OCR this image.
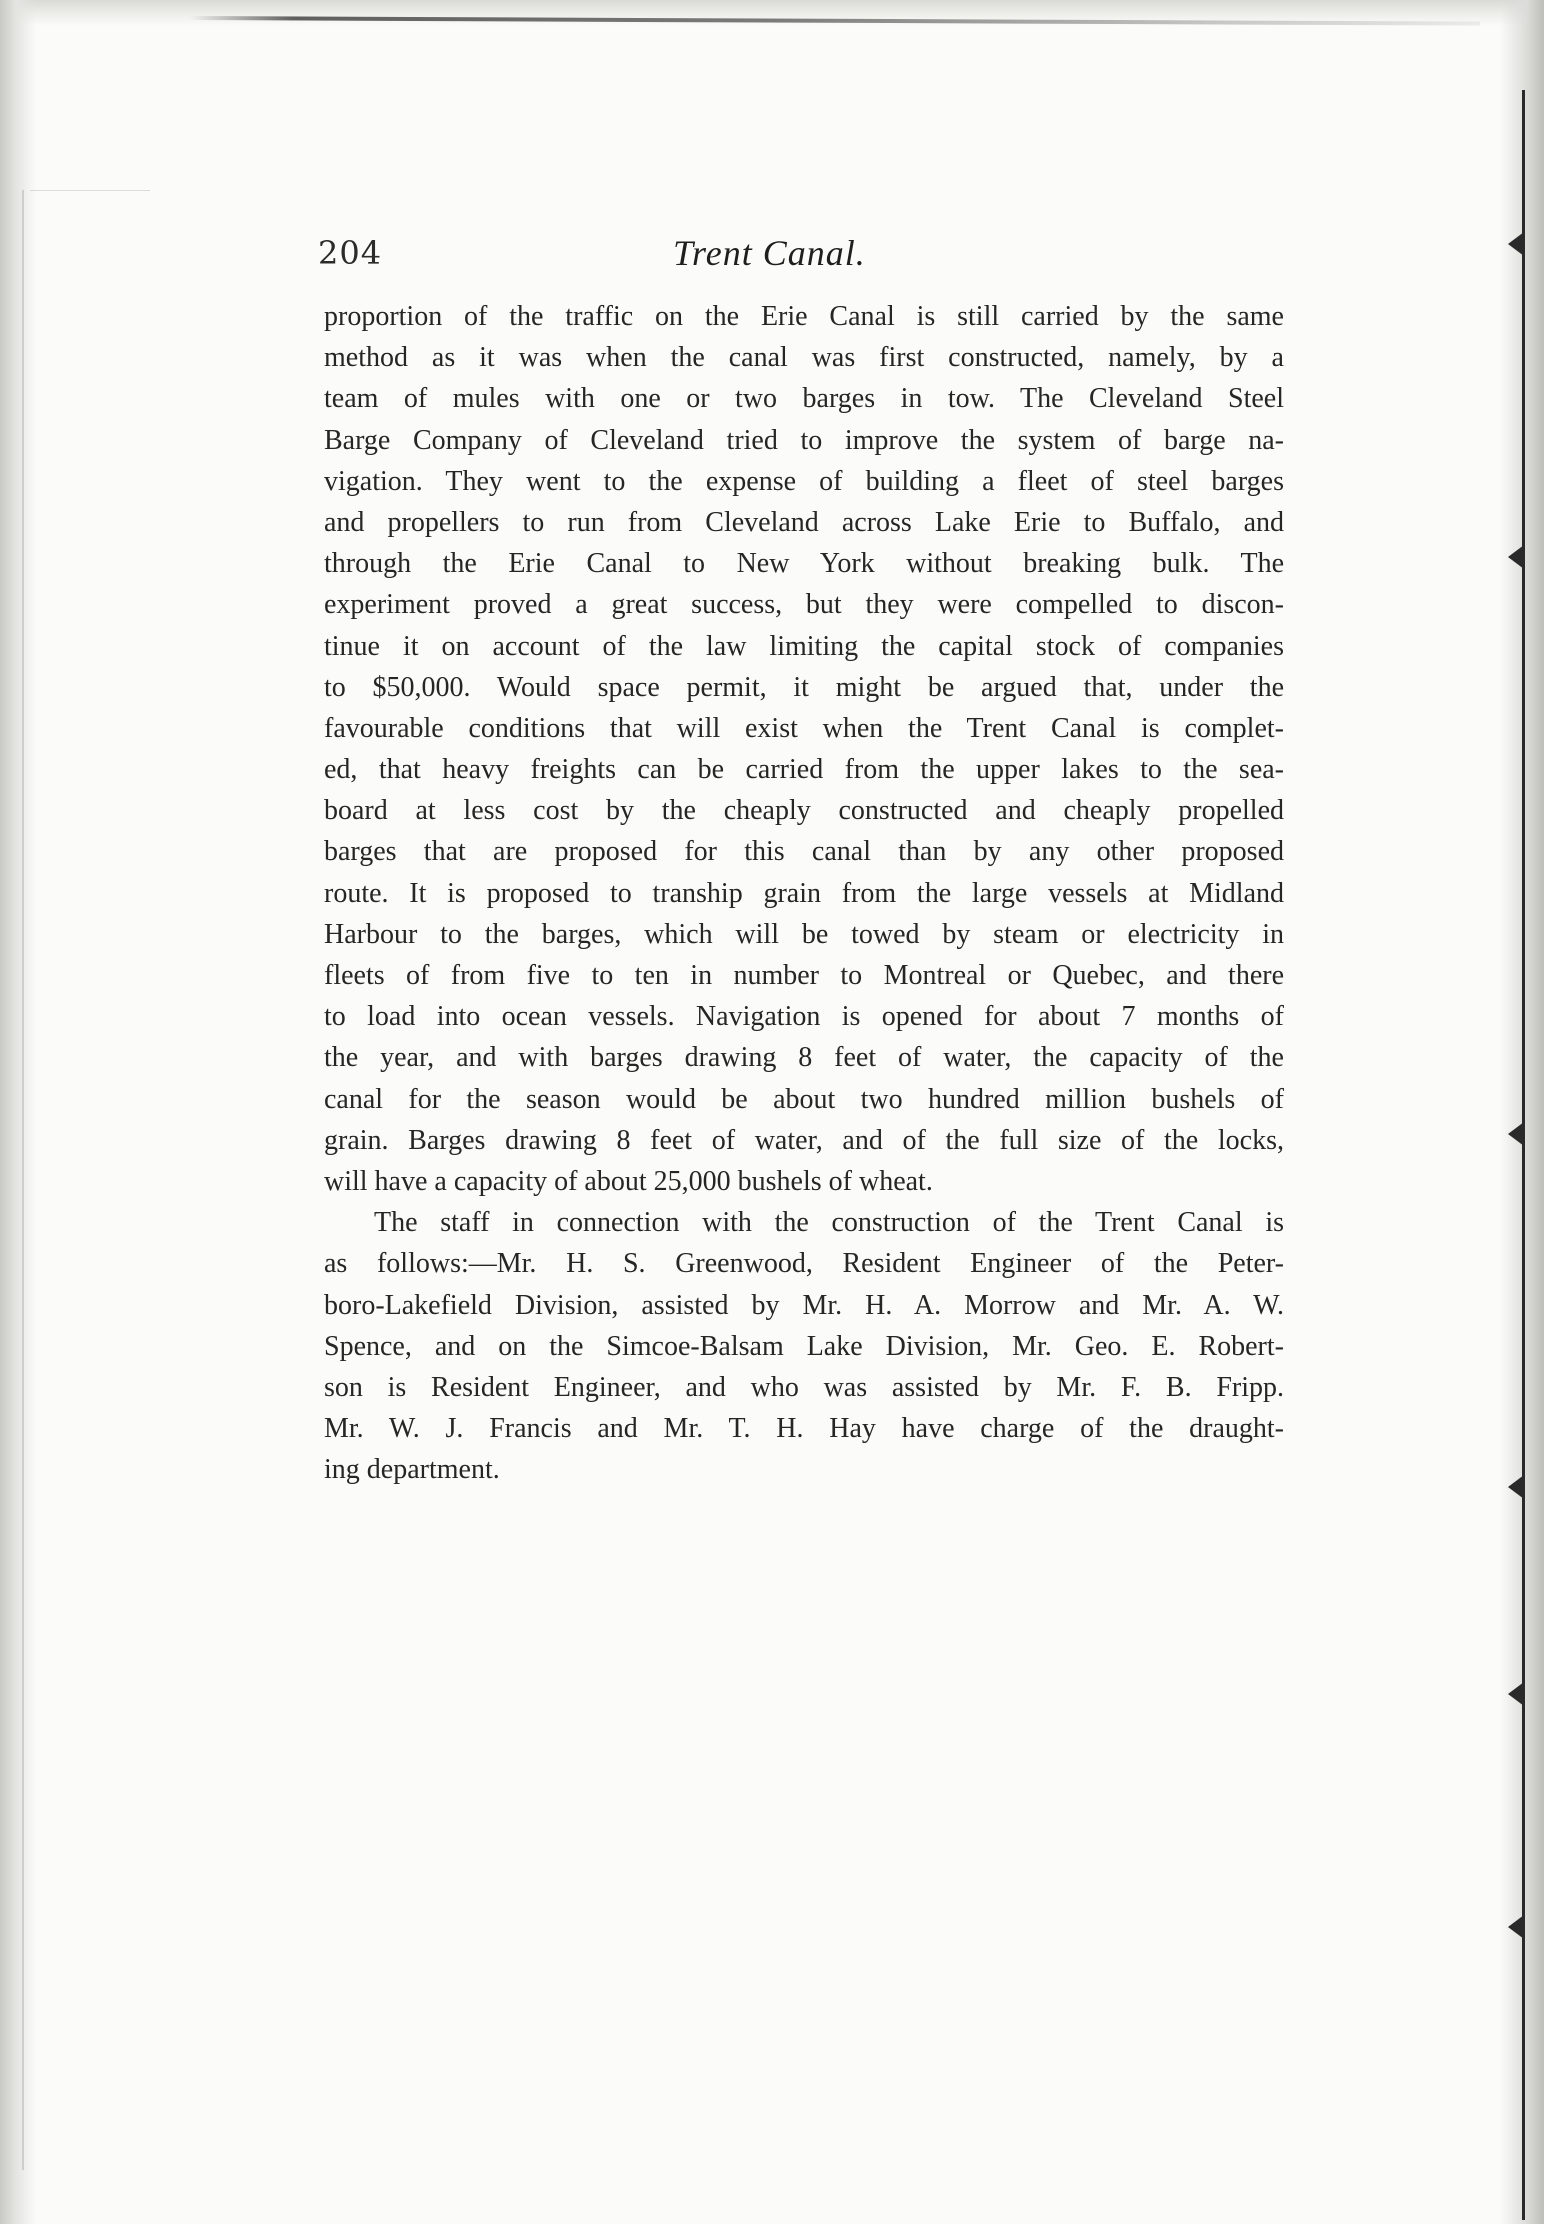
204	Trent Canal.
proportion of the traffic on the Erie Canal is still carried by the same
method as it was when the canal was first constructed, namely, by a
team of mules with one or two barges in tow. The Cleveland Steel
Barge Company of Cleveland tried to improve the system of barge na-
vigation. They went to the expense of building a fleet of steel barges
and propellers to run from Cleveland across Lake Erie to Buffalo, and
through the Erie Canal to New York without breaking bulk. The
experiment proved a great success, but they were compelled to discon-
tinue it on account of the law limiting the capital stock of companies
to $50,000. Would space permit, it might be argued that, under the
favourable conditions that will exist when the Trent Canal is complet-
ed, that heavy freights can be carried from the upper lakes to the sea-
board at less cost by the cheaply constructed and cheaply propelled
barges that are proposed for this canal than by any other proposed
route. It is proposed to tranship grain from the large vessels at Midland
Harbour to the barges, which will be towed by steam or electricity in
fleets of from five to ten in number to Montreal or Quebec, and there
to load into ocean vessels. Navigation is opened for about 7 months of
the year, and with barges drawing 8 feet of water, the capacity of the
canal for the season would be about two hundred million bushels of
grain. Barges drawing 8 feet of water, and of the full size of the locks,
will have a capacity of about 25,000 bushels of wheat.
The staff in connection with the construction of the Trent Canal is
as follows:—Mr. H. S. Greenwood, Resident Engineer of the Peter-
boro-Lakefield Division, assisted by Mr. H. A. Morrow and Mr. A. W.
Spence, and on the Simcoe-Balsam Lake Division, Mr. Geo. E. Robert-
son is Resident Engineer, and who was assisted by Mr. F. B. Fripp.
Mr. W. J. Francis and Mr. T. H. Hay have charge of the draught-
ing department.
